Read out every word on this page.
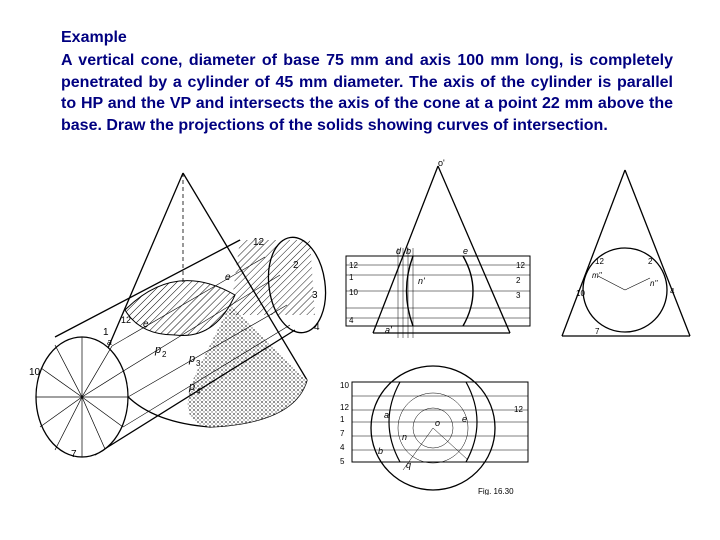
Example
A vertical cone, diameter of base 75 mm and axis 100 mm long, is completely penetrated by a cylinder of 45 mm diameter. The axis of the cylinder is parallel to HP and the VP and intersects the axis of the cone at a point 22 mm above the base. Draw the projections of the solids showing curves of intersection.
12
2
3
4
10
7
1
p 2 p 3
p 4
e
e
12
a
o'
12
1
10
4
12
3
2
d
n'
a'
b	e
12	2
10	4
7
m''
n''
10
12
1
7
4
5
12
o
a
b
n
q
e
Fig. 16.30
